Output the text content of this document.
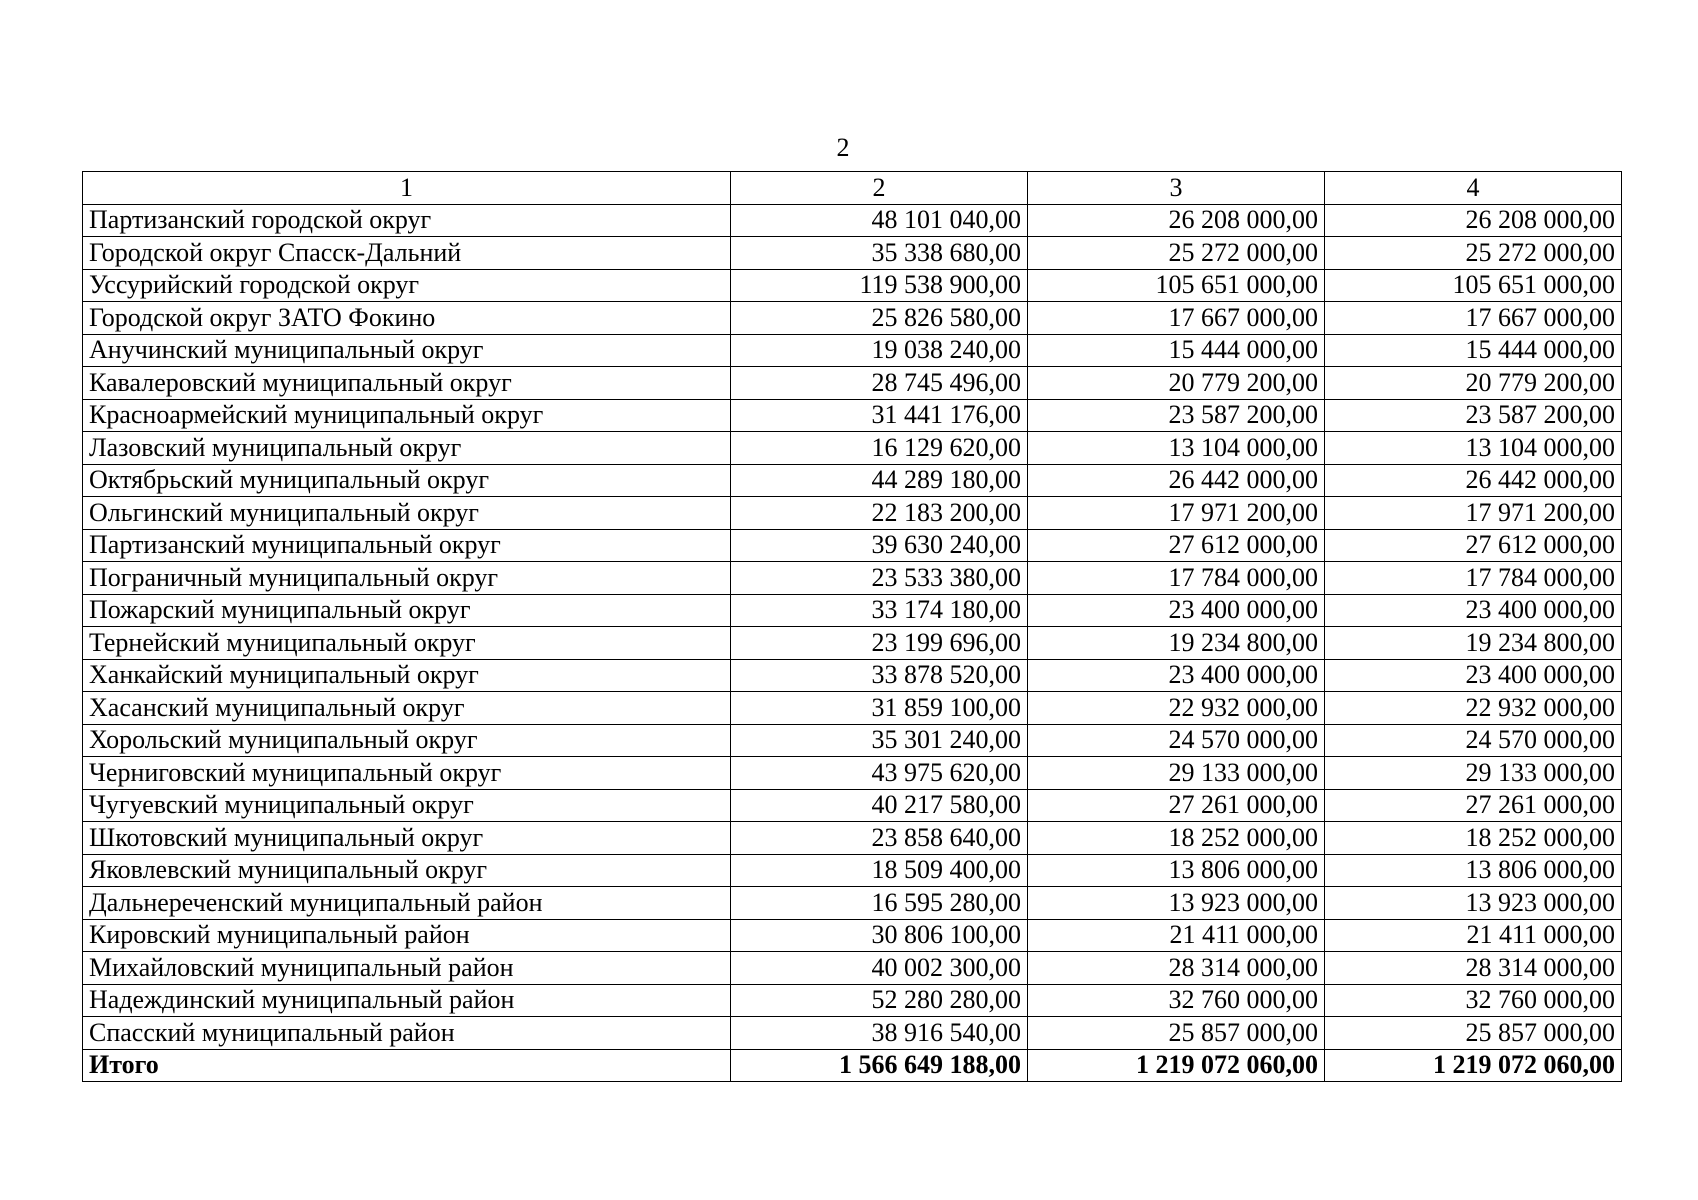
2
1	2	3	4
Партизанский городской округ	48 101 040,00	26 208 000,00	26 208 000,00
Городской округ Спасск-Дальний	35 338 680,00	25 272 000,00	25 272 000,00
Уссурийский городской округ	119 538 900,00	105 651 000,00	105 651 000,00
Городской округ ЗАТО Фокино	25 826 580,00	17 667 000,00	17 667 000,00
Анучинский муниципальный округ	19 038 240,00	15 444 000,00	15 444 000,00
Кавалеровский муниципальный округ	28 745 496,00	20 779 200,00	20 779 200,00
Красноармейский муниципальный округ	31 441 176,00	23 587 200,00	23 587 200,00
Лазовский муниципальный округ	16 129 620,00	13 104 000,00	13 104 000,00
Октябрьский муниципальный округ	44 289 180,00	26 442 000,00	26 442 000,00
Ольгинский муниципальный округ	22 183 200,00	17 971 200,00	17 971 200,00
Партизанский муниципальный округ	39 630 240,00	27 612 000,00	27 612 000,00
Пограничный муниципальный округ	23 533 380,00	17 784 000,00	17 784 000,00
Пожарский муниципальный округ	33 174 180,00	23 400 000,00	23 400 000,00
Тернейский муниципальный округ	23 199 696,00	19 234 800,00	19 234 800,00
Ханкайский муниципальный округ	33 878 520,00	23 400 000,00	23 400 000,00
Хасанский муниципальный округ	31 859 100,00	22 932 000,00	22 932 000,00
Хорольский муниципальный округ	35 301 240,00	24 570 000,00	24 570 000,00
Черниговский муниципальный округ	43 975 620,00	29 133 000,00	29 133 000,00
Чугуевский муниципальный округ	40 217 580,00	27 261 000,00	27 261 000,00
Шкотовский муниципальный округ	23 858 640,00	18 252 000,00	18 252 000,00
Яковлевский муниципальный округ	18 509 400,00	13 806 000,00	13 806 000,00
Дальнереченский муниципальный район	16 595 280,00	13 923 000,00	13 923 000,00
Кировский муниципальный район	30 806 100,00	21 411 000,00	21 411 000,00
Михайловский муниципальный район	40 002 300,00	28 314 000,00	28 314 000,00
Надеждинский муниципальный район	52 280 280,00	32 760 000,00	32 760 000,00
Спасский муниципальный район	38 916 540,00	25 857 000,00	25 857 000,00
Итого	1 566 649 188,00	1 219 072 060,00	1 219 072 060,00
